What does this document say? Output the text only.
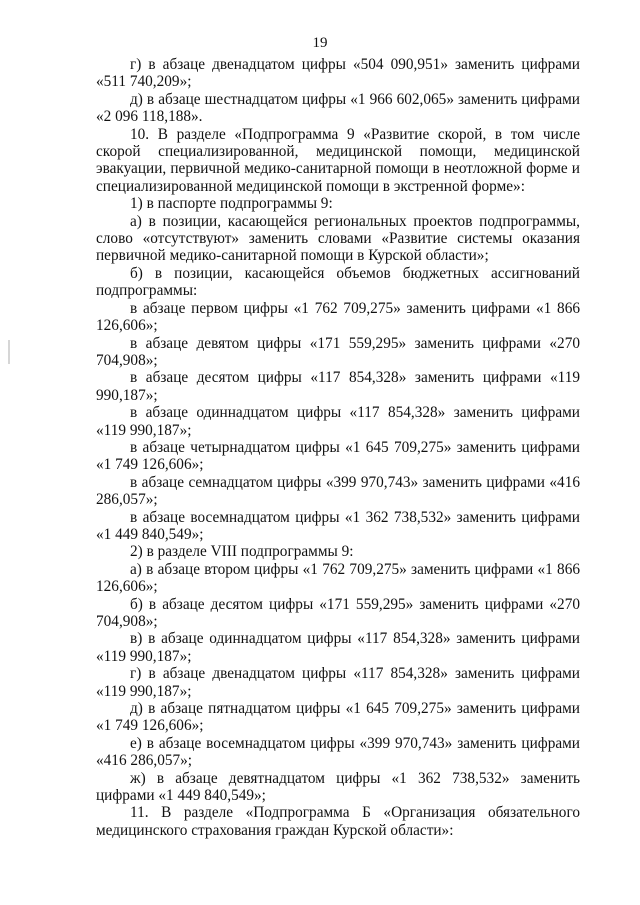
19

г) в абзаце двенадцатом цифры «504 090,951» заменить цифрами «511 740,209»;

д) в абзаце шестнадцатом цифры «1 966 602,065» заменить цифрами «2 096 118,188».

10. В разделе «Подпрограмма 9 «Развитие скорой, в том числе скорой специализированной, медицинской помощи, медицинской эвакуации, первичной медико-санитарной помощи в неотложной форме и специализированной медицинской помощи в экстренной форме»:

1) в паспорте подпрограммы 9:

а) в позиции, касающейся региональных проектов подпрограммы, слово «отсутствуют» заменить словами «Развитие системы оказания первичной медико-санитарной помощи в Курской области»;

б) в позиции, касающейся объемов бюджетных ассигнований подпрограммы:

в абзаце первом цифры «1 762 709,275» заменить цифрами «1 866 126,606»;

в абзаце девятом цифры «171 559,295» заменить цифрами «270 704,908»;

в абзаце десятом цифры «117 854,328» заменить цифрами «119 990,187»;

в абзаце одиннадцатом цифры «117 854,328» заменить цифрами «119 990,187»;

в абзаце четырнадцатом цифры «1 645 709,275» заменить цифрами «1 749 126,606»;

в абзаце семнадцатом цифры «399 970,743» заменить цифрами «416 286,057»;

в абзаце восемнадцатом цифры «1 362 738,532» заменить цифрами «1 449 840,549»;

2) в разделе VIII подпрограммы 9:

а) в абзаце втором цифры «1 762 709,275» заменить цифрами «1 866 126,606»;

б) в абзаце десятом цифры «171 559,295» заменить цифрами «270 704,908»;

в) в абзаце одиннадцатом цифры «117 854,328» заменить цифрами «119 990,187»;

г) в абзаце двенадцатом цифры «117 854,328» заменить цифрами «119 990,187»;

д) в абзаце пятнадцатом цифры «1 645 709,275» заменить цифрами «1 749 126,606»;

е) в абзаце восемнадцатом цифры «399 970,743» заменить цифрами «416 286,057»;

ж) в абзаце девятнадцатом цифры «1 362 738,532» заменить цифрами «1 449 840,549»;

11. В разделе «Подпрограмма Б «Организация обязательного медицинского страхования граждан Курской области»:
